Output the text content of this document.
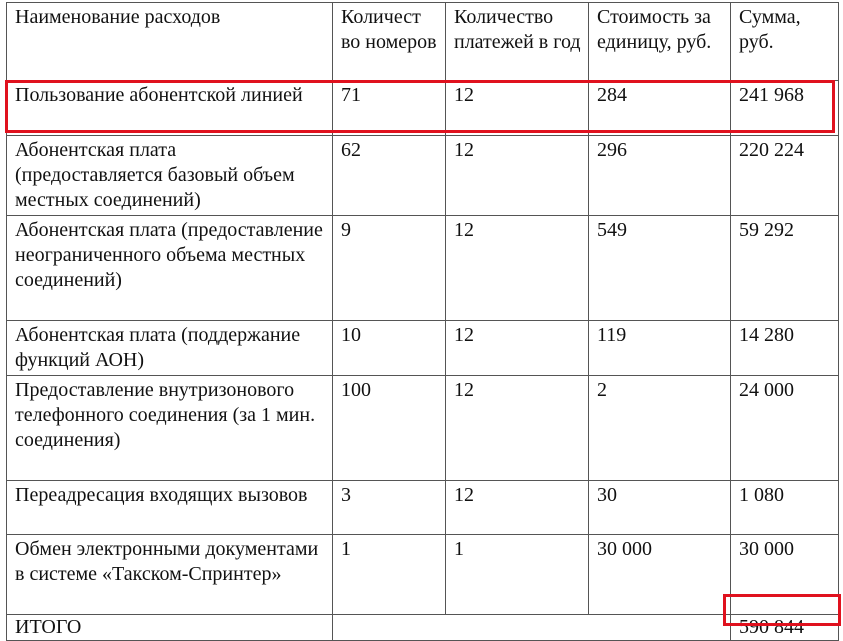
Наименование расходов	Количест во номеров	Количество платежей в год	Стоимость за единицу, руб.	Сумма, руб.
Пользование абонентской линией	71	12	284	241 968
Абонентская плата (предоставляется базовый объем местных соединений)	62	12	296	220 224
Абонентская плата (предоставление неограниченного объема местных соединений)	9	12	549	59 292
Абонентская плата (поддержание функций АОН)	10	12	119	14 280
Предоставление внутризонового телефонного соединения (за 1 мин. соединения)	100	12	2	24 000
Переадресация входящих вызовов	3	12	30	1 080
Обмен электронными документами в системе «Такском-Спринтер»	1	1	30 000	30 000
ИТОГО				590 844
